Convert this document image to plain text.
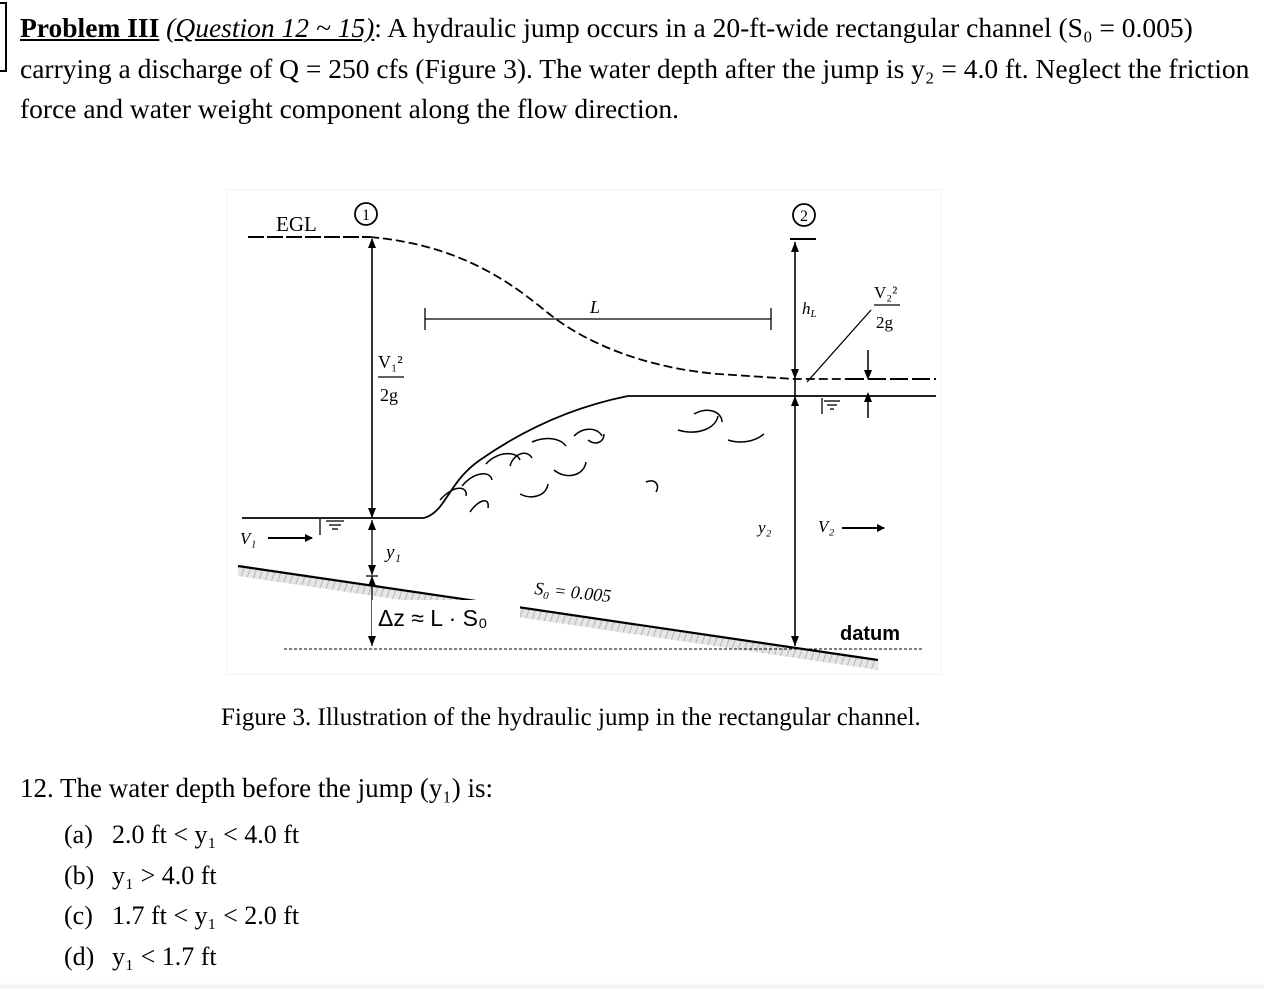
Problem III (Question 12 ~ 15): A hydraulic jump occurs in a 20-ft-wide rectangular channel (S₀ = 0.005) carrying a discharge of Q = 250 cfs (Figure 3). The water depth after the jump is y₂ = 4.0 ft. Neglect the friction force and water weight component along the flow direction.
EGL	1	2
V₁²
2g
L	hL
V₂²
2g
V₁
V₂
y₂
y₁
S₀ = 0.005
Δz ≈ L · S₀
datum
Figure 3. Illustration of the hydraulic jump in the rectangular channel.
12. The water depth before the jump (y₁) is:
(a) 2.0 ft < y₁ < 4.0 ft
(b) y₁ > 4.0 ft
(c) 1.7 ft < y₁ < 2.0 ft
(d) y₁ < 1.7 ft
